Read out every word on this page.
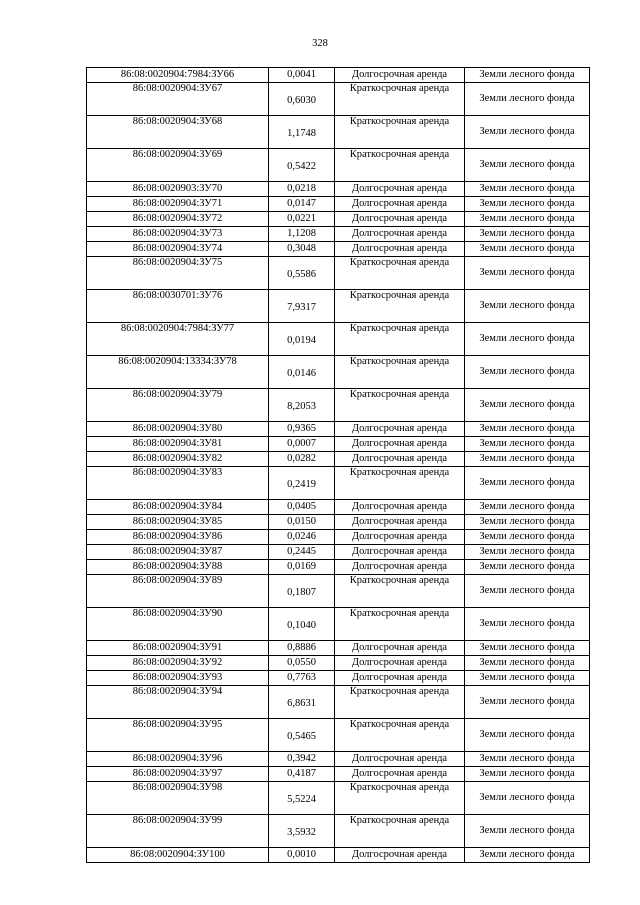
328
86:08:0020904:7984:ЗУ66	0,0041	Долгосрочная аренда	Земли лесного фонда
86:08:0020904:ЗУ67	0,6030	Краткосрочная аренда	Земли лесного фонда
86:08:0020904:ЗУ68	1,1748	Краткосрочная аренда	Земли лесного фонда
86:08:0020904:ЗУ69	0,5422	Краткосрочная аренда	Земли лесного фонда
86:08:0020903:ЗУ70	0,0218	Долгосрочная аренда	Земли лесного фонда
86:08:0020904:ЗУ71	0,0147	Долгосрочная аренда	Земли лесного фонда
86:08:0020904:ЗУ72	0,0221	Долгосрочная аренда	Земли лесного фонда
86:08:0020904:ЗУ73	1,1208	Долгосрочная аренда	Земли лесного фонда
86:08:0020904:ЗУ74	0,3048	Долгосрочная аренда	Земли лесного фонда
86:08:0020904:ЗУ75	0,5586	Краткосрочная аренда	Земли лесного фонда
86:08:0030701:ЗУ76	7,9317	Краткосрочная аренда	Земли лесного фонда
86:08:0020904:7984:ЗУ77	0,0194	Краткосрочная аренда	Земли лесного фонда
86:08:0020904:13334:ЗУ78	0,0146	Краткосрочная аренда	Земли лесного фонда
86:08:0020904:ЗУ79	8,2053	Краткосрочная аренда	Земли лесного фонда
86:08:0020904:ЗУ80	0,9365	Долгосрочная аренда	Земли лесного фонда
86:08:0020904:ЗУ81	0,0007	Долгосрочная аренда	Земли лесного фонда
86:08:0020904:ЗУ82	0,0282	Долгосрочная аренда	Земли лесного фонда
86:08:0020904:ЗУ83	0,2419	Краткосрочная аренда	Земли лесного фонда
86:08:0020904:ЗУ84	0,0405	Долгосрочная аренда	Земли лесного фонда
86:08:0020904:ЗУ85	0,0150	Долгосрочная аренда	Земли лесного фонда
86:08:0020904:ЗУ86	0,0246	Долгосрочная аренда	Земли лесного фонда
86:08:0020904:ЗУ87	0,2445	Долгосрочная аренда	Земли лесного фонда
86:08:0020904:ЗУ88	0,0169	Долгосрочная аренда	Земли лесного фонда
86:08:0020904:ЗУ89	0,1807	Краткосрочная аренда	Земли лесного фонда
86:08:0020904:ЗУ90	0,1040	Краткосрочная аренда	Земли лесного фонда
86:08:0020904:ЗУ91	0,8886	Долгосрочная аренда	Земли лесного фонда
86:08:0020904:ЗУ92	0,0550	Долгосрочная аренда	Земли лесного фонда
86:08:0020904:ЗУ93	0,7763	Долгосрочная аренда	Земли лесного фонда
86:08:0020904:ЗУ94	6,8631	Краткосрочная аренда	Земли лесного фонда
86:08:0020904:ЗУ95	0,5465	Краткосрочная аренда	Земли лесного фонда
86:08:0020904:ЗУ96	0,3942	Долгосрочная аренда	Земли лесного фонда
86:08:0020904:ЗУ97	0,4187	Долгосрочная аренда	Земли лесного фонда
86:08:0020904:ЗУ98	5,5224	Краткосрочная аренда	Земли лесного фонда
86:08:0020904:ЗУ99	3,5932	Краткосрочная аренда	Земли лесного фонда
86:08:0020904:ЗУ100	0,0010	Долгосрочная аренда	Земли лесного фонда
